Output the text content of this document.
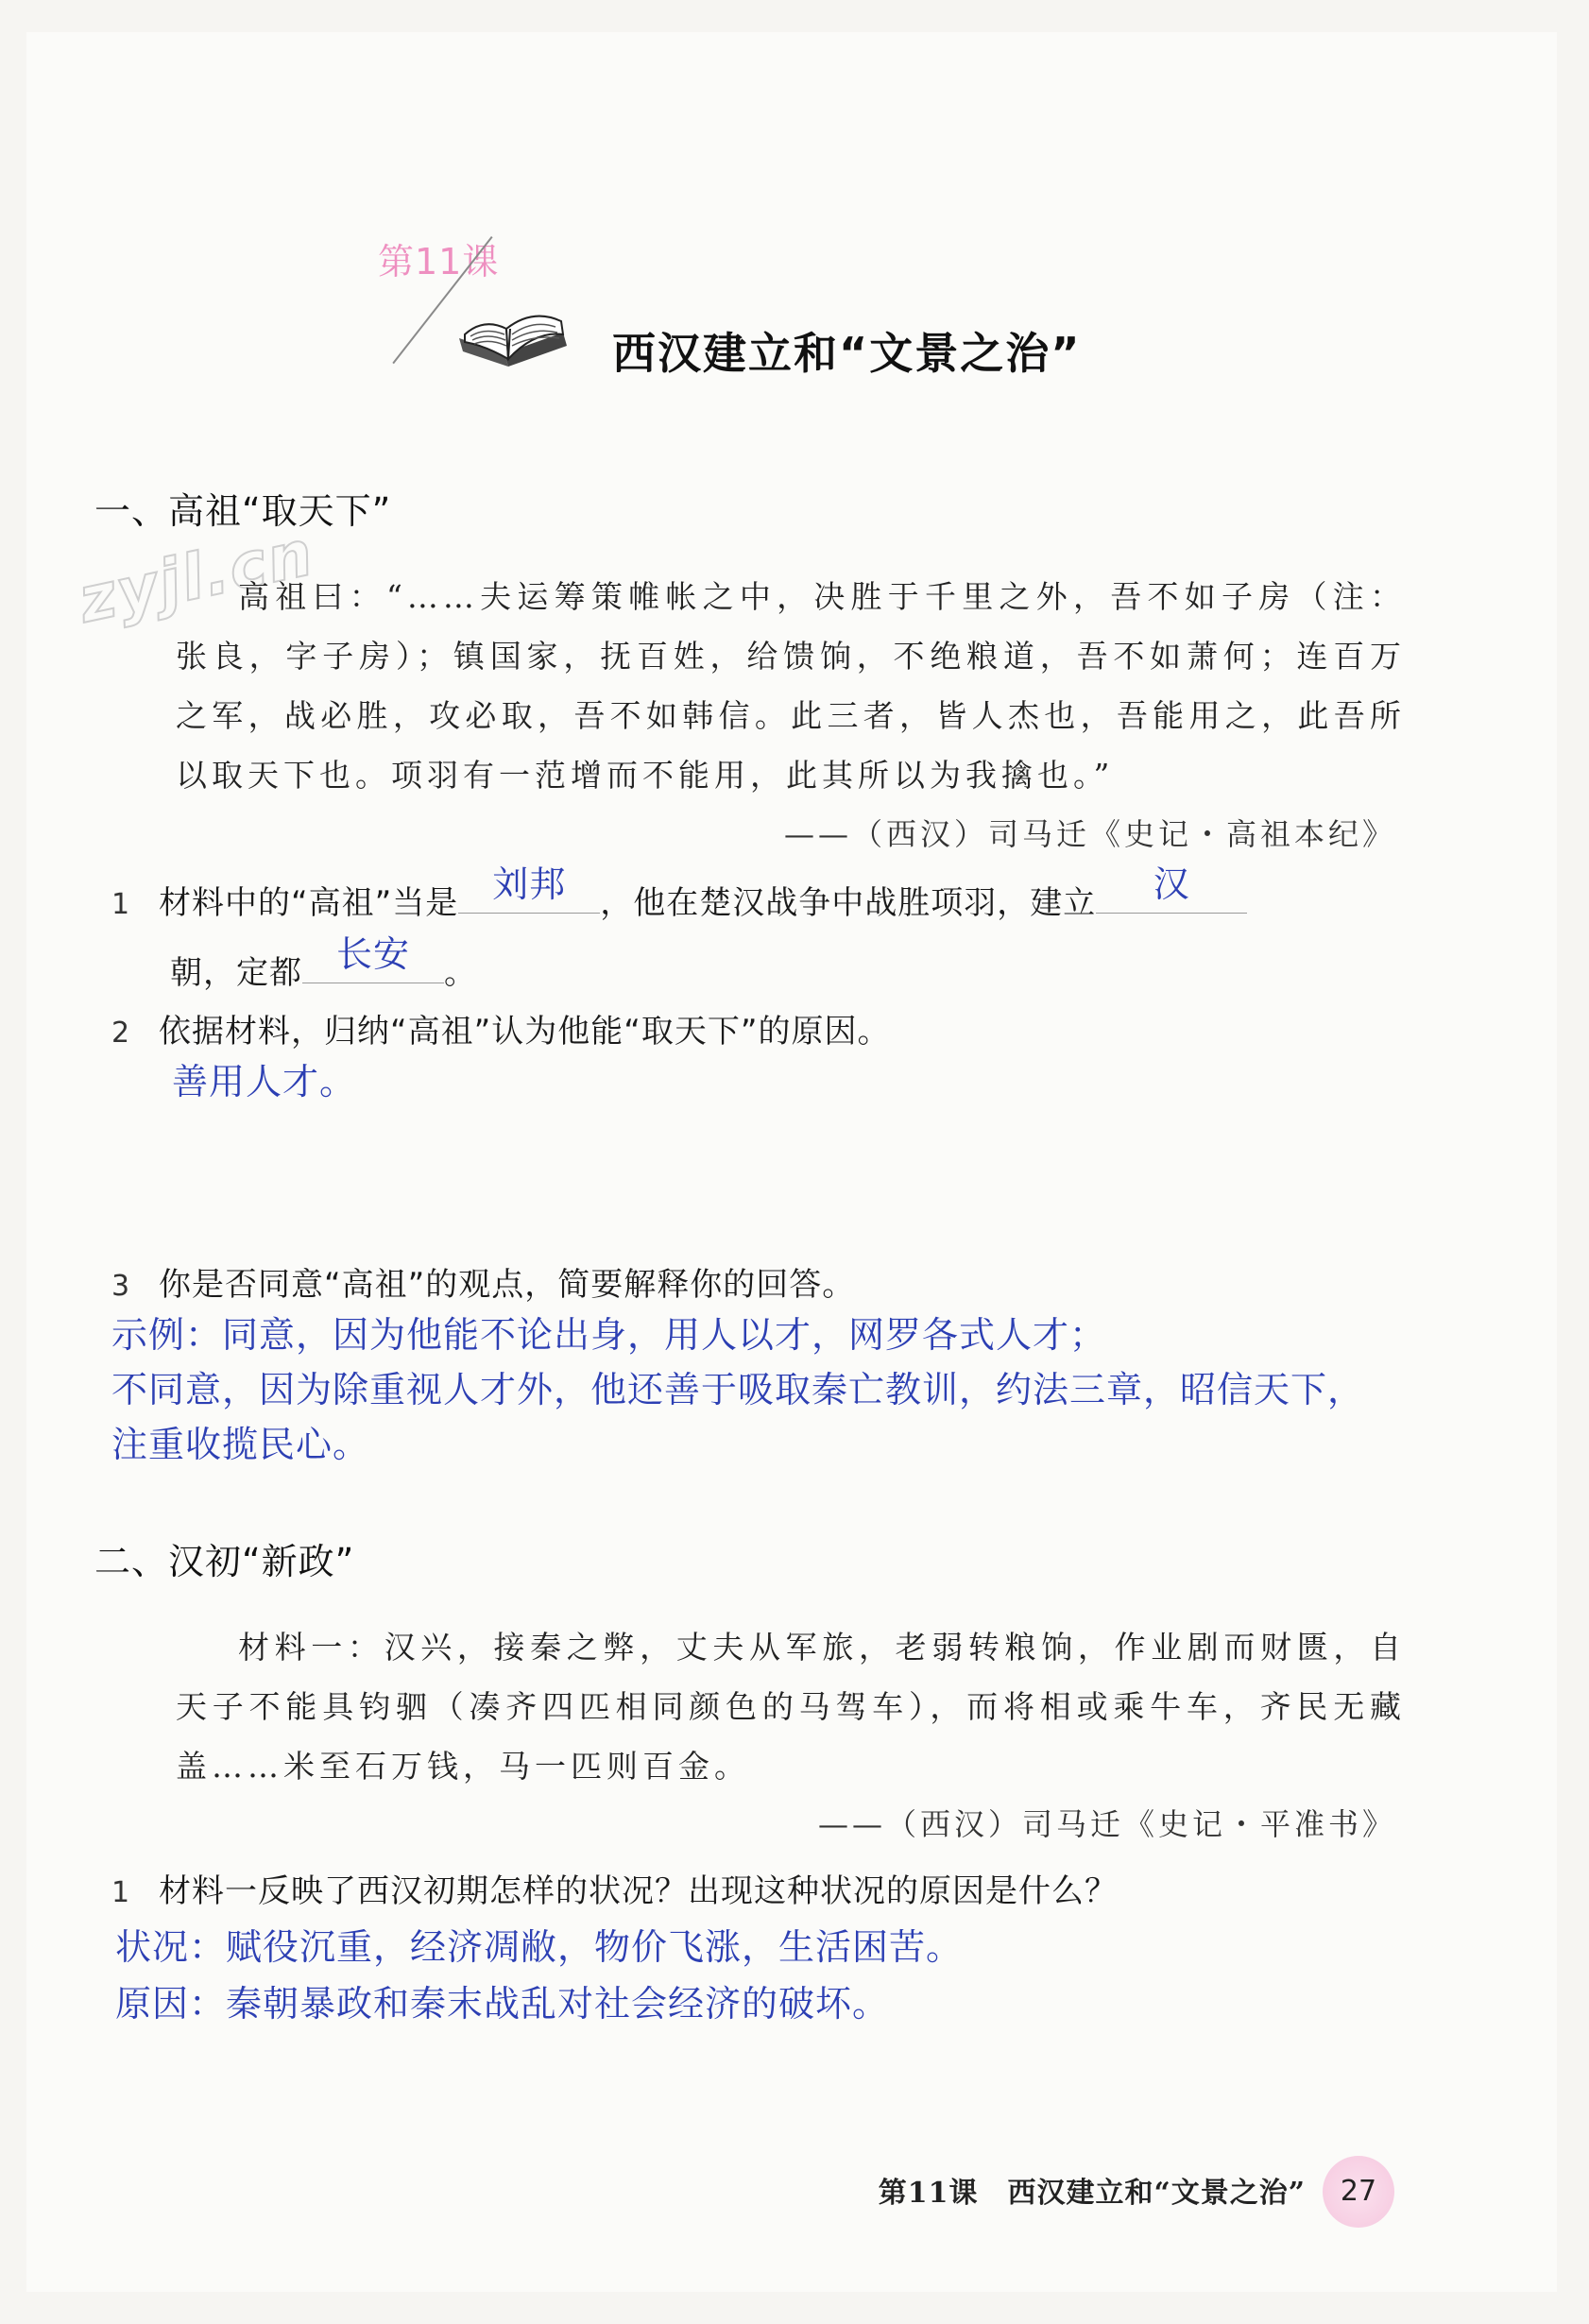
第11课
西汉建立和“文景之治”
一、高祖“取天下”
zyjl.cn
高祖曰：“……夫运筹策帷帐之中，决胜于千里之外，吾不如子房（注：张良，字子房）；镇国家，抚百姓，给馈饷，不绝粮道，吾不如萧何；连百万之军，战必胜，攻必取，吾不如韩信。此三者，皆人杰也，吾能用之，此吾所以取天下也。项羽有一范增而不能用，此其所以为我擒也。”
——（西汉）司马迁《史记・高祖本纪》
1 材料中的“高祖”当是 刘邦	，他在楚汉战争中战胜项羽，建立	汉
朝，定都 长安	。
2 依据材料，归纳“高祖”认为他能“取天下”的原因。
善用人才。
3 你是否同意“高祖”的观点，简要解释你的回答。
示例：同意，因为他能不论出身，用人以才，网罗各式人才；
不同意，因为除重视人才外，他还善于吸取秦亡教训，约法三章，昭信天下，
注重收揽民心。
二、汉初“新政”
材料一：汉兴，接秦之弊，丈夫从军旅，老弱转粮饷，作业剧而财匮，自天子不能具钧驷（凑齐四匹相同颜色的马驾车），而将相或乘牛车，齐民无藏盖……米至石万钱，马一匹则百金。
——（西汉）司马迁《史记・平准书》
1 材料一反映了西汉初期怎样的状况？出现这种状况的原因是什么？
状况：赋役沉重，经济凋敝，物价飞涨，生活困苦。
原因：秦朝暴政和秦末战乱对社会经济的破坏。
第11课　西汉建立和“文景之治”	27
